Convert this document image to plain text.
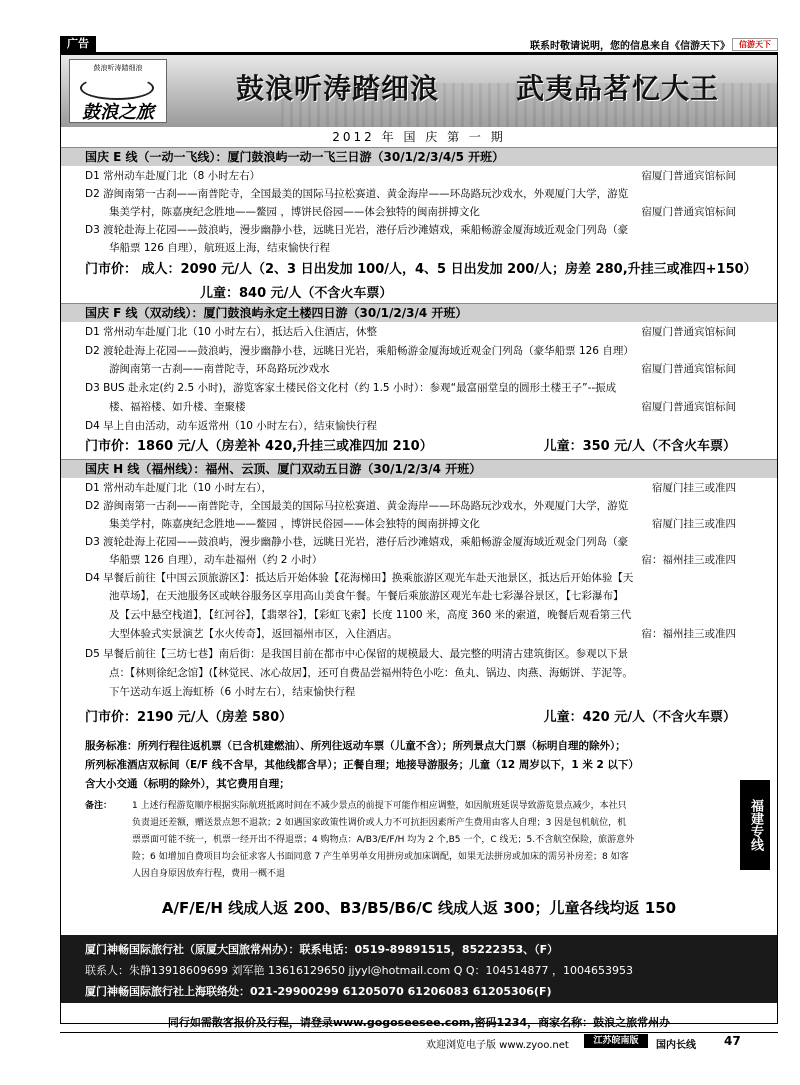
广告	联系时敬请说明，您的信息来自《信游天下》	信游天下
鼓浪听涛踏细浪
鼓浪之旅
鼓浪听涛踏细浪	武夷品茗忆大王
2012 年 国 庆 第 一 期
国庆 E 线（一动一飞线）：厦门鼓浪屿一动一飞三日游（30/1/2/3/4/5 开班）
D1 常州动车赴厦门北（8 小时左右）	宿厦门普通宾馆标间
D2 游闽南第一古刹——南普陀寺，全国最美的国际马拉松赛道、黄金海岸——环岛路玩沙戏水，外观厦门大学，游览
集美学村，陈嘉庚纪念胜地——鳌园 ，博饼民俗园——体会独特的闽南拼搏文化	宿厦门普通宾馆标间
D3 渡轮赴海上花园——鼓浪屿，漫步幽静小巷，远眺日光岩，港仔后沙滩嬉戏，乘船畅游金厦海域近观金门列岛（豪
华船票 126 自理），航班返上海，结束愉快行程
门市价： 成人：2090 元/人（2、3 日出发加 100/人，4、5 日出发加 200/人；房差 280,升挂三或准四+150）
儿童：840 元/人（不含火车票）
国庆 F 线（双动线）：厦门鼓浪屿永定土楼四日游（30/1/2/3/4 开班）
D1 常州动车赴厦门北（10 小时左右），抵达后入住酒店，休整	宿厦门普通宾馆标间
D2 渡轮赴海上花园——鼓浪屿，漫步幽静小巷，远眺日光岩，乘船畅游金厦海域近观金门列岛（豪华船票 126 自理）
游闽南第一古刹——南普陀寺，环岛路玩沙戏水	宿厦门普通宾馆标间
D3 BUS 赴永定(约 2.5 小时)，游览客家土楼民俗文化村（约 1.5 小时）：参观“最富丽堂皇的圆形土楼王子”--振成
楼、福裕楼、如升楼、奎聚楼	宿厦门普通宾馆标间
D4 早上自由活动，动车返常州（10 小时左右），结束愉快行程
门市价：1860 元/人（房差补 420,升挂三或准四加 210）	儿童：350 元/人（不含火车票）
国庆 H 线（福州线）：福州、云顶、厦门双动五日游（30/1/2/3/4 开班）
D1 常州动车赴厦门北（10 小时左右），	宿厦门挂三或准四
D2 游闽南第一古刹——南普陀寺，全国最美的国际马拉松赛道、黄金海岸——环岛路玩沙戏水，外观厦门大学，游览
集美学村，陈嘉庚纪念胜地——鳌园 ，博饼民俗园——体会独特的闽南拼搏文化	宿厦门挂三或准四
D3 渡轮赴海上花园——鼓浪屿，漫步幽静小巷，远眺日光岩，港仔后沙滩嬉戏，乘船畅游金厦海域近观金门列岛（豪
华船票 126 自理），动车赴福州（约 2 小时）	宿：福州挂三或准四
D4 早餐后前往【中国云顶旅游区】：抵达后开始体验【花海梯田】换乘旅游区观光车赴天池景区，抵达后开始体验【天
池草场】，在天池服务区或峡谷服务区享用高山美食午餐。午餐后乘旅游区观光车赴七彩瀑谷景区，【七彩瀑布】
及【云中悬空栈道】，【红河谷】，【翡翠谷】，【彩虹飞索】长度 1100 米，高度 360 米的索道，晚餐后观看第三代
大型体验式实景演艺【水火传奇】，返回福州市区，入住酒店。	宿：福州挂三或准四
D5 早餐后前往【三坊七巷】南后街：是我国目前在都市中心保留的规模最大、最完整的明清古建筑街区。参观以下景
点：【林则徐纪念馆】(【林觉民、冰心故居】，还可自费品尝福州特色小吃：鱼丸、锅边、肉燕、海蛎饼、芋泥等。
下午送动车返上海虹桥（6 小时左右），结束愉快行程
门市价：2190 元/人（房差 580）	儿童：420 元/人（不含火车票）
服务标准：所列行程往返机票（已含机建燃油）、所列往返动车票（儿童不含）；所列景点大门票（标明自理的除外）；
所列标准酒店双标间（E/F 线不含早，其他线都含早）；正餐自理；地接导游服务；儿童（12 周岁以下，1 米 2 以下）
含大小交通（标明的除外），其它费用自理；
备注：	1 上述行程游览顺序根据实际航班抵离时间在不减少景点的前提下可能作相应调整，如因航班延误导致游览景点减少，本社只
负责退还差额，赠送景点恕不退款；2 如遇国家政策性调价或人力不可抗拒因素所产生费用由客人自理；3 因是包机航位，机
票票面可能不统一，机票一经开出不得退票；4 购物点：A/B3/E/F/H 均为 2 个,B5 一个，C 线无；5.不含航空保险，旅游意外
险；6 如增加自费项目均会征求客人书面同意 7 产生单男单女用拼房或加床调配，如果无法拼房或加床的需另补房差；8 如客
人因自身原因放弃行程，费用一概不退
A/F/E/H 线成人返 200、B3/B5/B6/C 线成人返 300；儿童各线均返 150
厦门神畅国际旅行社（原厦大国旅常州办）：联系电话：0519-89891515，85222353、（F）
联系人：朱静13918609699 刘军艳 13616129650 jjyyl@hotmail.com Q Q：104514877 ，1004653953
厦门神畅国际旅行社上海联络处：021-29900299 61205070 61206083 61205306(F)
同行如需散客报价及行程，请登录www.gogoseesee.com,密码1234，商家名称：鼓浪之旅常州办
欢迎浏览电子版 www.zyoo.net	江苏皖南版	国内长线 47
福建专线
